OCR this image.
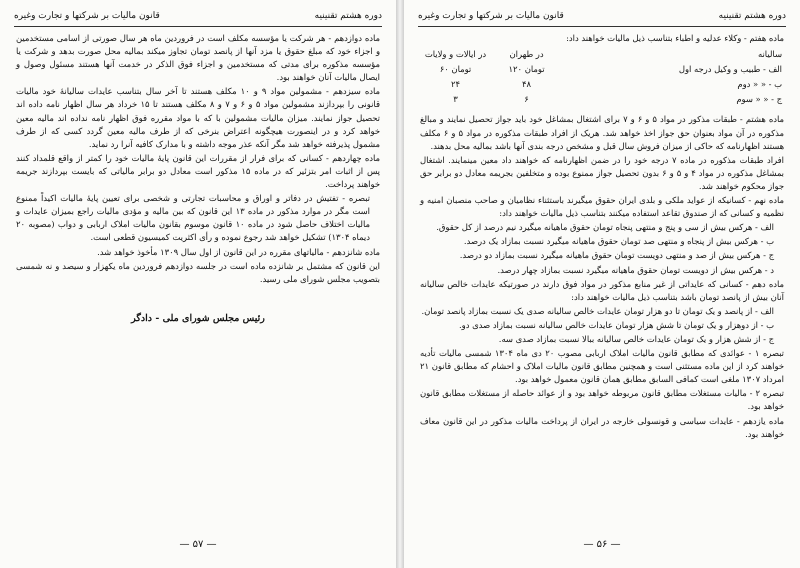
قانون مالیات بر شرکتها و تجارت وغیره	دوره هشتم تقنینیه

ماده دوازدهم - هر شرکت یا مؤسسه مکلف است در فروردین ماه هر سال صورتی از اسامی مستخدمین و اجزاء خود که مبلغ حقوق یا مزد آنها از پانصد تومان تجاوز میکند بمالیه محل صورت بدهد و شرکت یا مؤسسه مذکوره برای مدتی که مستخدمین و اجزاء فوق الذکر در خدمت آنها هستند مسئول وصول و ایصال مالیات آنان خواهند بود.

ماده سیزدهم - مشمولین مواد ۹ و ۱۰ مکلف هستند تا آخر سال بتناسب عایدات سالیانهٔ خود مالیات قانونی را بپردازند مشمولین مواد ۵ و ۶ و ۷ و ۸ مکلف هستند تا ۱۵ خرداد هر سال اظهار نامه داده اند تحصیل جواز نمایند. میزان مالیات مشمولین با که با مواد مقرره فوق اظهار نامه نداده اند مالیه معین خواهد کرد و در اینصورت هیچگونه اعتراض بنرخی که از طرف مالیه معین گردد کسی که از طرف مشمول پذیرفته خواهد شد مگر آنکه عذر موجه داشته و با مدارک کافیه آنرا رد نماید.

ماده چهاردهم - کسانی که برای فرار از مقررات این قانون پایهٔ مالیات خود را کمتر از واقع قلمداد کنند پس از اثبات امر بتزئیر که در ماده ۱۵ مذکور است معادل دو برابر مالیاتی که بایست بپردازند جریمه خواهند پرداخت.

تبصره - تفتیش در دفاتر و اوراق و محاسبات تجارتی و شخصی برای تعیین پایهٔ مالیات اکیداً ممنوع است مگر در موارد مذکور در ماده ۱۳ این قانون که بین مالیه و مؤدی مالیات راجع بمیزان عایدات و مالیات اختلاف حاصل شود در ماده ۱۰ قانون موسوم بقانون مالیات املاک اربابی و دواب (مصوبه ۲۰ دیماه ۱۳۰۴) تشکیل خواهد شد رجوع نموده و رأی اکثریت کمیسیون قطعی است.

ماده شانزدهم - مالیاتهای مقرره در این قانون از اول سال ۱۳۰۹ مأخوذ خواهد شد.

این قانون که مشتمل بر شانزده ماده است در جلسه دوازدهم فروردین ماه یکهزار و سیصد و نه شمسی بتصویب مجلس شورای ملی رسید.

رئیس مجلس شورای ملی - دادگر
— ۵۷ —
قانون مالیات بر شرکتها و تجارت وغیره	دوره هشتم تقنینیه

ماده هفتم - وکلاء عدلیه و اطباء بتناسب ذیل مالیات خواهند داد:

سالیانه	در طهران	در ایالات و ولایات
الف - طبیب و وکیل درجه اول	۱۲۰ تومان	۶۰ تومان
ب - « « دوم	۴۸	۲۴
ج - « « سوم	۶	۳

ماده هشتم - طبقات مذکور در مواد ۵ و ۶ و ۷ برای اشتغال بمشاغل خود باید جواز تحصیل نمایند و مبالغ مذکوره در آن مواد بعنوان حق جواز اخذ خواهد شد. هریک از افراد طبقات مذکوره در مواد ۵ و ۶ مکلف هستند اظهارنامه که حاکی از میزان فروش سال قبل و مشخص درجه بندی آنها باشد بمالیه محل بدهند.

افراد طبقات مذکوره در ماده ۷ درجه خود را در ضمن اظهارنامه که خواهند داد معین مینمایند. اشتغال بمشاغل مذکوره در مواد ۴ و ۵ و ۶ بدون تحصیل جواز ممنوع بوده و متخلفین بجریمه معادل دو برابر حق جواز محکوم خواهند شد.

ماده نهم - کسانیکه از عواید ملکی و بلدی ایران حقوق میگیرند باستثناء نظامیان و صاحب منصبان امنیه و نظمیه و کسانی که از صندوق تقاعد استفاده میکنند بتناسب ذیل مالیات خواهند داد:

الف - هرکس بیش از سی و پنج و منتهی پنجاه تومان حقوق ماهیانه میگیرد نیم درصد از کل حقوق.

ب - هرکس بیش از پنجاه و منتهی صد تومان حقوق ماهیانه میگیرد نسبت بمازاد یک درصد.

ج - هرکس بیش از صد و منتهی دویست تومان حقوق ماهیانه میگیرد نسبت بمازاد دو درصد.

د - هرکس بیش از دویست تومان حقوق ماهیانه میگیرد نسبت بمازاد چهار درصد.

ماده دهم - کسانی که عایداتی از غیر منابع مذکور در مواد فوق دارند در صورتیکه عایدات خالص سالیانه آنان بیش از پانصد تومان باشد بتناسب ذیل مالیات خواهند داد:

الف - از پانصد و یک تومان تا دو هزار تومان عایدات خالص سالیانه صدی یک نسبت بمازاد پانصد تومان.

ب - از دوهزار و یک تومان تا شش هزار تومان عایدات خالص سالیانه نسبت بمازاد صدی دو.

ج - از شش هزار و یک تومان عایدات خالص سالیانه ببالا نسبت بمازاد صدی سه.

تبصره ۱ - عوائدی که مطابق قانون مالیات املاک اربابی مصوب ۲۰ دی ماه ۱۳۰۴ شمسی مالیات تأدیه خواهند کرد از این ماده مستثنی است و همچنین مطابق قانون مالیات املاک و احشام که مطابق قانون ۲۱ امرداد ۱۳۰۷ ملغی است کمافی السابق مطابق همان قانون معمول خواهد بود.

تبصره ۲ - مالیات مستغلات مطابق قانون مربوطه خواهد بود و از عوائد حاصله از مستغلات مطابق قانون خواهد بود.

ماده یازدهم - عایدات سیاسی و قونسولی خارجه در ایران از پرداخت مالیات مذکور در این قانون معاف خواهند بود.

— ۵۶ —
